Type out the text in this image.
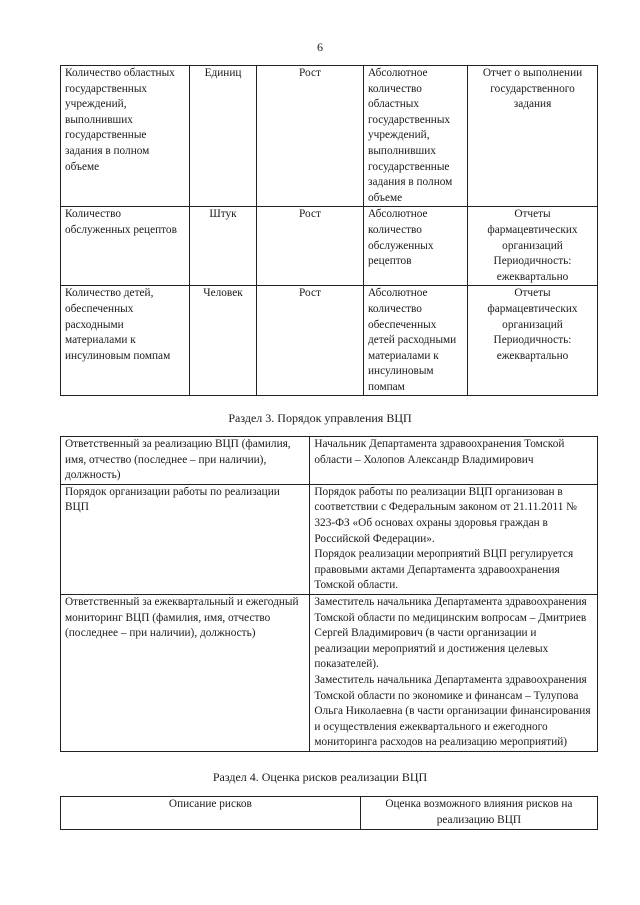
6
Количество областных государственных учреждений, выполнивших государственные задания в полном объеме	Единиц	Рост	Абсолютное количество областных государственных учреждений, выполнивших государственные задания в полном объеме	Отчет о выполнении государственного задания
Количество обслуженных рецептов	Штук	Рост	Абсолютное количество обслуженных рецептов	Отчеты фармацевтических организаций Периодичность: ежеквартально
Количество детей, обеспеченных расходными материалами к инсулиновым помпам	Человек	Рост	Абсолютное количество обеспеченных детей расходными материалами к инсулиновым помпам	Отчеты фармацевтических организаций Периодичность: ежеквартально
Раздел 3. Порядок управления ВЦП
Ответственный за реализацию ВЦП (фамилия, имя, отчество (последнее – при наличии), должность)	Начальник Департамента здравоохранения Томской области – Холопов Александр Владимирович

Порядок организации работы по реализации ВЦП	Порядок работы по реализации ВЦП организован в соответствии с Федеральным законом от 21.11.2011 № 323-ФЗ «Об основах охраны здоровья граждан в Российской Федерации».
Порядок реализации мероприятий ВЦП регулируется правовыми актами Департамента здравоохранения Томской области.

Ответственный за ежеквартальный и ежегодный мониторинг ВЦП (фамилия, имя, отчество (последнее – при наличии), должность)	Заместитель начальника Департамента здравоохранения Томской области по медицинским вопросам – Дмитриев Сергей Владимирович (в части организации и реализации мероприятий и достижения целевых показателей).
Заместитель начальника Департамента здравоохранения Томской области по экономике и финансам – Тулупова Ольга Николаевна (в части организации финансирования и осуществления ежеквартального и ежегодного мониторинга расходов на реализацию мероприятий)
Раздел 4. Оценка рисков реализации ВЦП
Описание рисков	Оценка возможного влияния рисков на реализацию ВЦП
